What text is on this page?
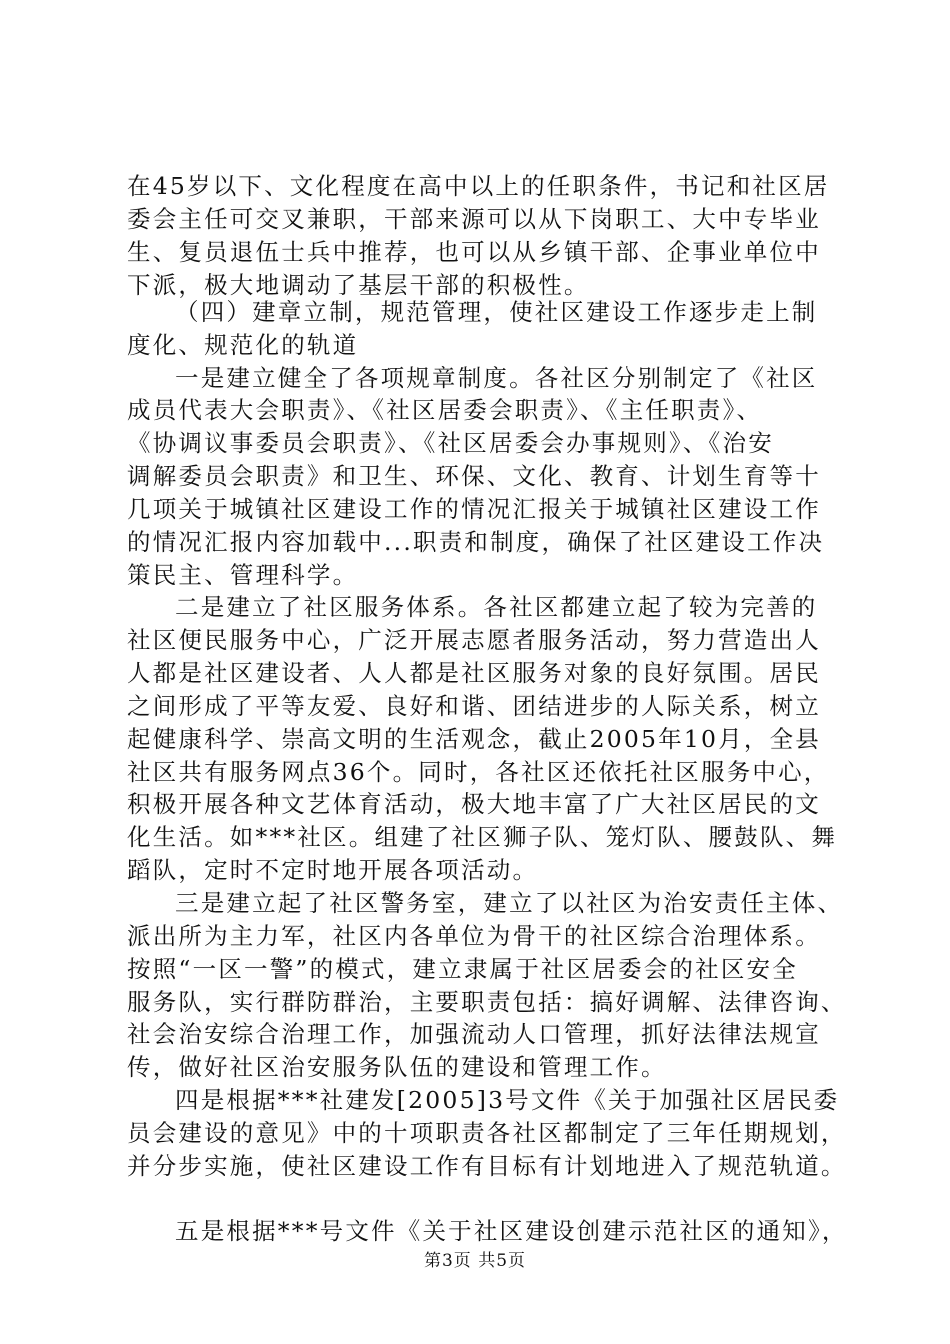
在45岁以下、文化程度在高中以上的任职条件，书记和社区居
委会主任可交叉兼职，干部来源可以从下岗职工、大中专毕业
生、复员退伍士兵中推荐，也可以从乡镇干部、企事业单位中
下派，极大地调动了基层干部的积极性。
（四）建章立制，规范管理，使社区建设工作逐步走上制
度化、规范化的轨道
一是建立健全了各项规章制度。各社区分别制定了《社区
成员代表大会职责》、《社区居委会职责》、《主任职责》、
《协调议事委员会职责》、《社区居委会办事规则》、《治安
调解委员会职责》和卫生、环保、文化、教育、计划生育等十
几项关于城镇社区建设工作的情况汇报关于城镇社区建设工作
的情况汇报内容加载中...职责和制度，确保了社区建设工作决
策民主、管理科学。
二是建立了社区服务体系。各社区都建立起了较为完善的
社区便民服务中心，广泛开展志愿者服务活动，努力营造出人
人都是社区建设者、人人都是社区服务对象的良好氛围。居民
之间形成了平等友爱、良好和谐、团结进步的人际关系，树立
起健康科学、崇高文明的生活观念，截止2005年10月，全县
社区共有服务网点36个。同时，各社区还依托社区服务中心，
积极开展各种文艺体育活动，极大地丰富了广大社区居民的文
化生活。如***社区。组建了社区狮子队、笼灯队、腰鼓队、舞
蹈队，定时不定时地开展各项活动。
三是建立起了社区警务室，建立了以社区为治安责任主体、
派出所为主力军，社区内各单位为骨干的社区综合治理体系。
按照“一区一警”的模式，建立隶属于社区居委会的社区安全
服务队，实行群防群治，主要职责包括：搞好调解、法律咨询、
社会治安综合治理工作，加强流动人口管理，抓好法律法规宣
传，做好社区治安服务队伍的建设和管理工作。
四是根据***社建发[2005]3号文件《关于加强社区居民委
员会建设的意见》中的十项职责各社区都制定了三年任期规划，
并分步实施，使社区建设工作有目标有计划地进入了规范轨道。
五是根据***号文件《关于社区建设创建示范社区的通知》，
第3页 共5页
